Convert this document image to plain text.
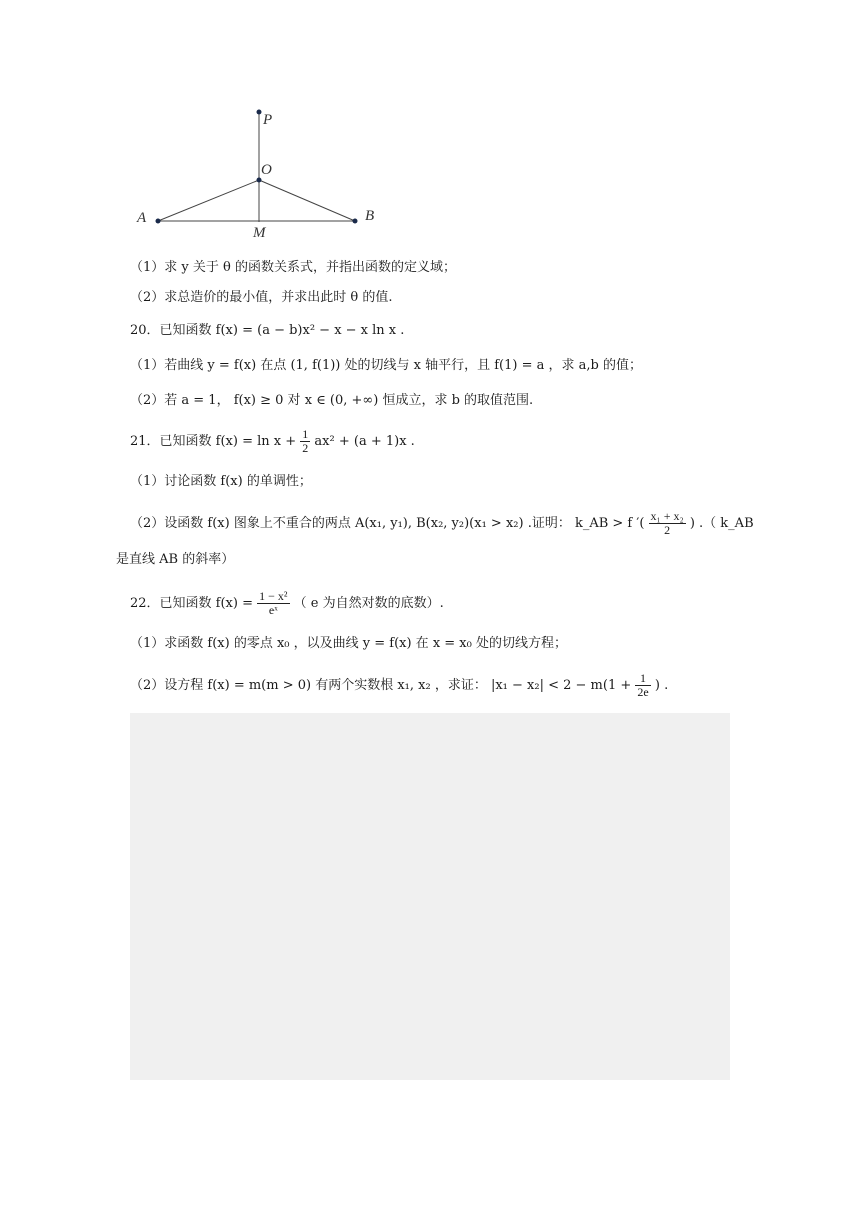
P
O
A	B
M
（1）求 y 关于 θ 的函数关系式，并指出函数的定义域；
（2）求总造价的最小值，并求出此时 θ 的值.
20．已知函数 f(x) = (a − b)x² − x − x ln x .
（1）若曲线 y = f(x) 在点 (1, f(1)) 处的切线与 x 轴平行，且 f(1) = a ，求 a,b 的值；
（2）若 a = 1， f(x) ≥ 0 对 x ∈ (0, +∞) 恒成立，求 b 的取值范围.
21．已知函数 $f(x) = \ln x + \frac{1}{2} ax^2 + (a + 1)x$ .
（1）讨论函数 f(x) 的单调性；
（2）设函数 f(x) 图象上不重合的两点 A(x₁, y₁), B(x₂, y₂)(x₁ > x₂) .证明： k_AB > f ′( $\frac{\text{x₁ + x₂}}{2}$ ) .（ k_AB
是直线 AB 的斜率）
22．已知函数 $f(x) = \frac{\text{1 − x²}}{\text{eˣ}}$ （ e 为自然对数的底数）.
（1）求函数 f(x) 的零点 x₀ ，以及曲线 y = f(x) 在 x = x₀ 处的切线方程；
（2）设方程 f(x) = m(m > 0) 有两个实数根 x₁, x₂ ，求证： $|x_1 - x_2| < 2 - m(1 + \frac{1}{2e}$ ) .
